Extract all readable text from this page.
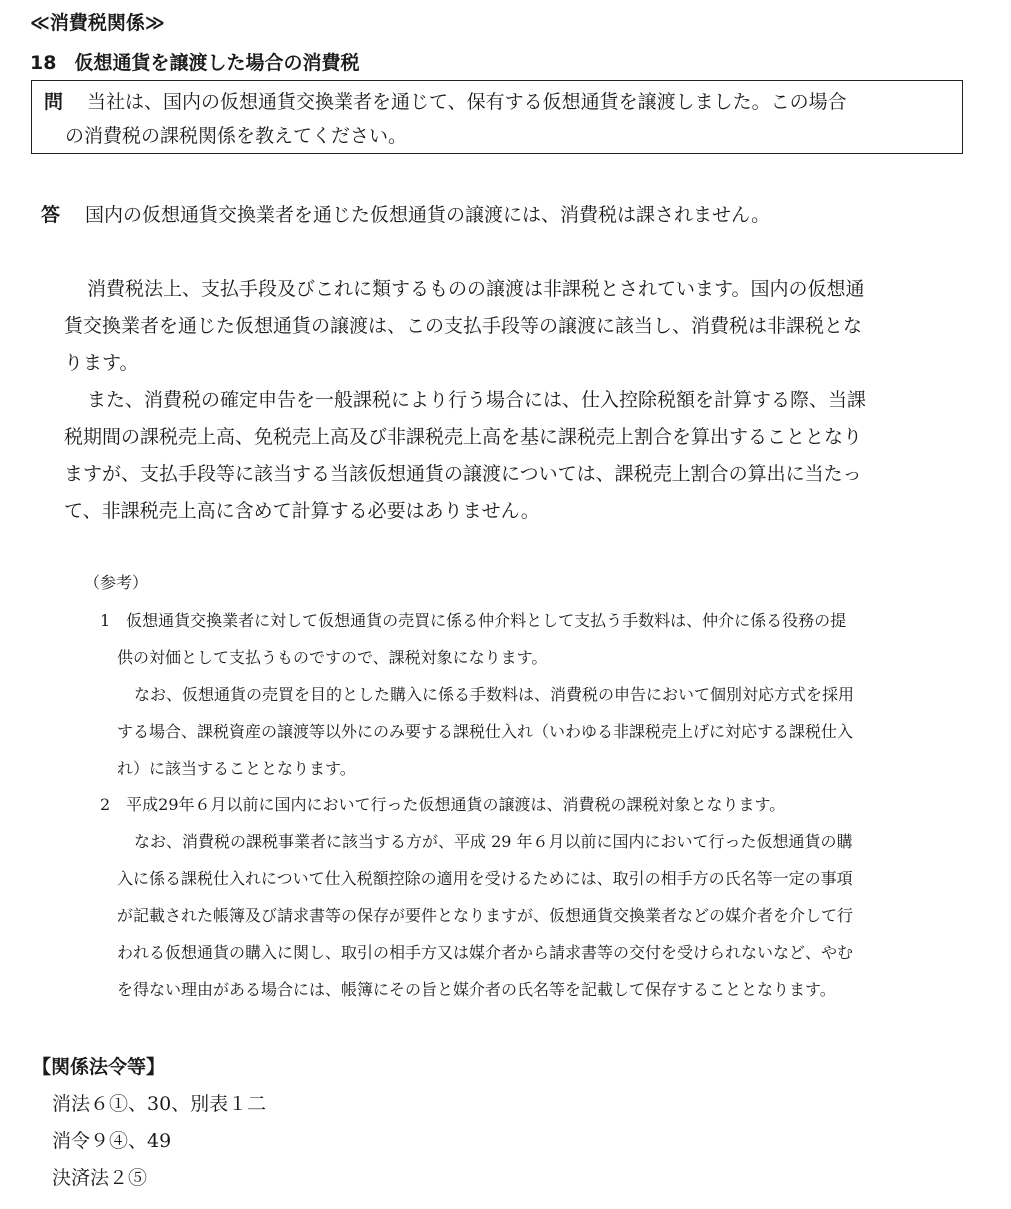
≪消費税関係≫
18 仮想通貨を譲渡した場合の消費税
問 当社は、国内の仮想通貨交換業者を通じて、保有する仮想通貨を譲渡しました。この場合
の消費税の課税関係を教えてください。
答 国内の仮想通貨交換業者を通じた仮想通貨の譲渡には、消費税は課されません。
消費税法上、支払手段及びこれに類するものの譲渡は非課税とされています。国内の仮想通
貨交換業者を通じた仮想通貨の譲渡は、この支払手段等の譲渡に該当し、消費税は非課税とな
ります。
また、消費税の確定申告を一般課税により行う場合には、仕入控除税額を計算する際、当課
税期間の課税売上高、免税売上高及び非課税売上高を基に課税売上割合を算出することとなり
ますが、支払手段等に該当する当該仮想通貨の譲渡については、課税売上割合の算出に当たっ
て、非課税売上高に含めて計算する必要はありません。
（参考）
1　仮想通貨交換業者に対して仮想通貨の売買に係る仲介料として支払う手数料は、仲介に係る役務の提
供の対価として支払うものですので、課税対象になります。
なお、仮想通貨の売買を目的とした購入に係る手数料は、消費税の申告において個別対応方式を採用
する場合、課税資産の譲渡等以外にのみ要する課税仕入れ（いわゆる非課税売上げに対応する課税仕入
れ）に該当することとなります。
2　平成29年６月以前に国内において行った仮想通貨の譲渡は、消費税の課税対象となります。
なお、消費税の課税事業者に該当する方が、平成 29 年６月以前に国内において行った仮想通貨の購
入に係る課税仕入れについて仕入税額控除の適用を受けるためには、取引の相手方の氏名等一定の事項
が記載された帳簿及び請求書等の保存が要件となりますが、仮想通貨交換業者などの媒介者を介して行
われる仮想通貨の購入に関し、取引の相手方又は媒介者から請求書等の交付を受けられないなど、やむ
を得ない理由がある場合には、帳簿にその旨と媒介者の氏名等を記載して保存することとなります。
【関係法令等】
消法６①、30、別表１二
消令９④、49
決済法２⑤
